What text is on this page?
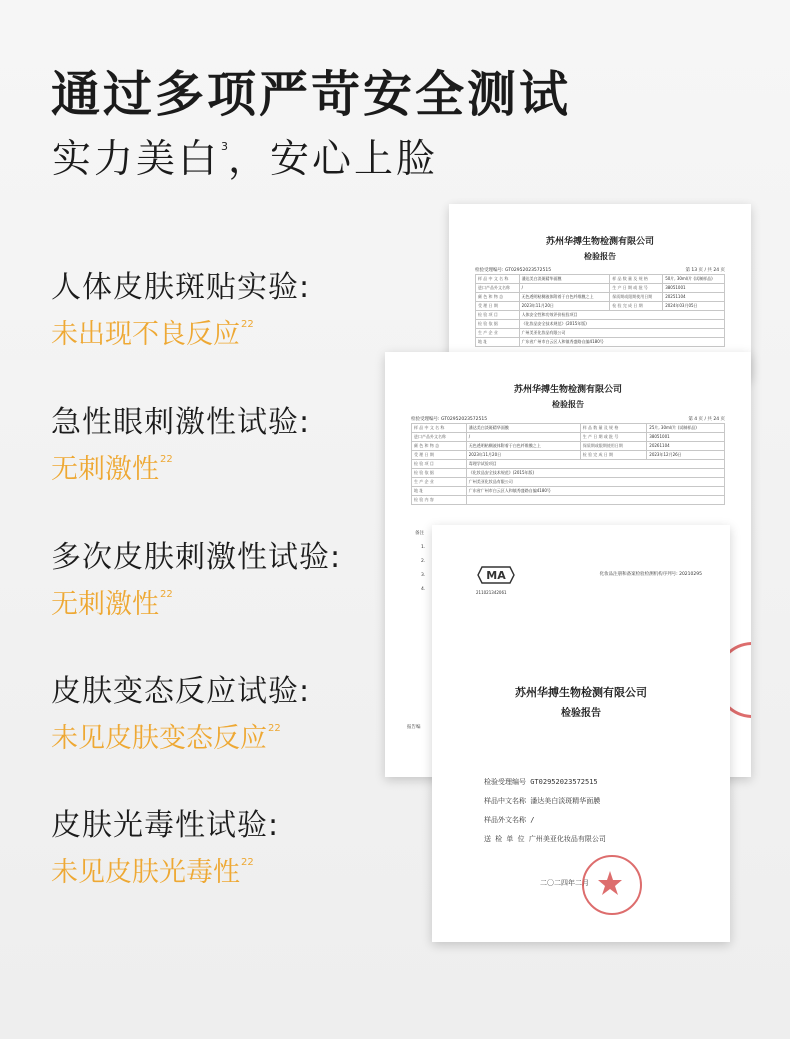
通过多项严苛安全测试
实力美白$^3$，安心上脸
人体皮肤斑贴实验:
未出现不良反应$^{22}$
急性眼刺激性试验:
无刺激性$^{22}$
多次皮肤刺激性试验:
无刺激性$^{22}$
皮肤变态反应试验:
未见皮肤变态反应$^{22}$
皮肤光毒性试验:
未见皮肤光毒性$^{22}$
苏州华搏生物检测有限公司
检验报告
检验受理编号: GT0295202357251​5	第 13 页 / 共 24 页
样 品 中 文 名 称	潘达美白淡斑精华面膜	样 品 数 量 及 规 格	50片, 30ml/片 (试制样品)
进口产品外文名称	/	生 产 日 期 或 批 号	38051001
颜 色 和 物 态	无色透明粘稠液体附着于白色纤维膜之上	保质期或限期使用日期	20251104
受 理 日 期	2023年11月20日	检 验 完 成 日 期	2024年03月05日
检 验 项 目	人体安全性和功效评价检验项目		
检 验 依 据	《化妆品安全技术规范》(2015年版)		
生 产 企 业	广州美亚化妆品有限公司		
地 址	广东省广州市白云区人和镇秀盛路自编4180号		
苏州华搏生物检测有限公司
检验报告
检验受理编号: GT02952023572515	第 4 页 / 共 24 页
样 品 中 文 名 称	潘达美白淡斑精华面膜	样 品 数 量 及 规 格	25片, 30ml/片 (试制样品)
进口产品外文名称	/	生 产 日 期 或 批 号	38051001
颜 色 和 物 态	无色透明粘稠液体附着于白色纤维膜之上	保质期或限期使用日期	20261104
受 理 日 期	2023年11月20日	检 验 完 成 日 期	2023年12月26日
检 验 项 目	毒理学试验项目		
检 验 依 据	《化妆品安全技术规范》(2015年版)		
生 产 企 业	广州美亚化妆品有限公司		
地 址	广东省广州市白云区人和镇秀盛路自编4180号		
检 验 内 容			
备注
1.
2.
3.
4.
报告编
MA
211021342061
化妆品注册和备案检验检测机构序列号: 20210295
苏州华搏生物检测有限公司
检验报告
检验受理编号 GT02952023572515
样品中文名称 潘达美白淡斑精华面膜
样品外文名称 /
送 检 单 位 广州美亚化妆品有限公司
二〇二四年二月
